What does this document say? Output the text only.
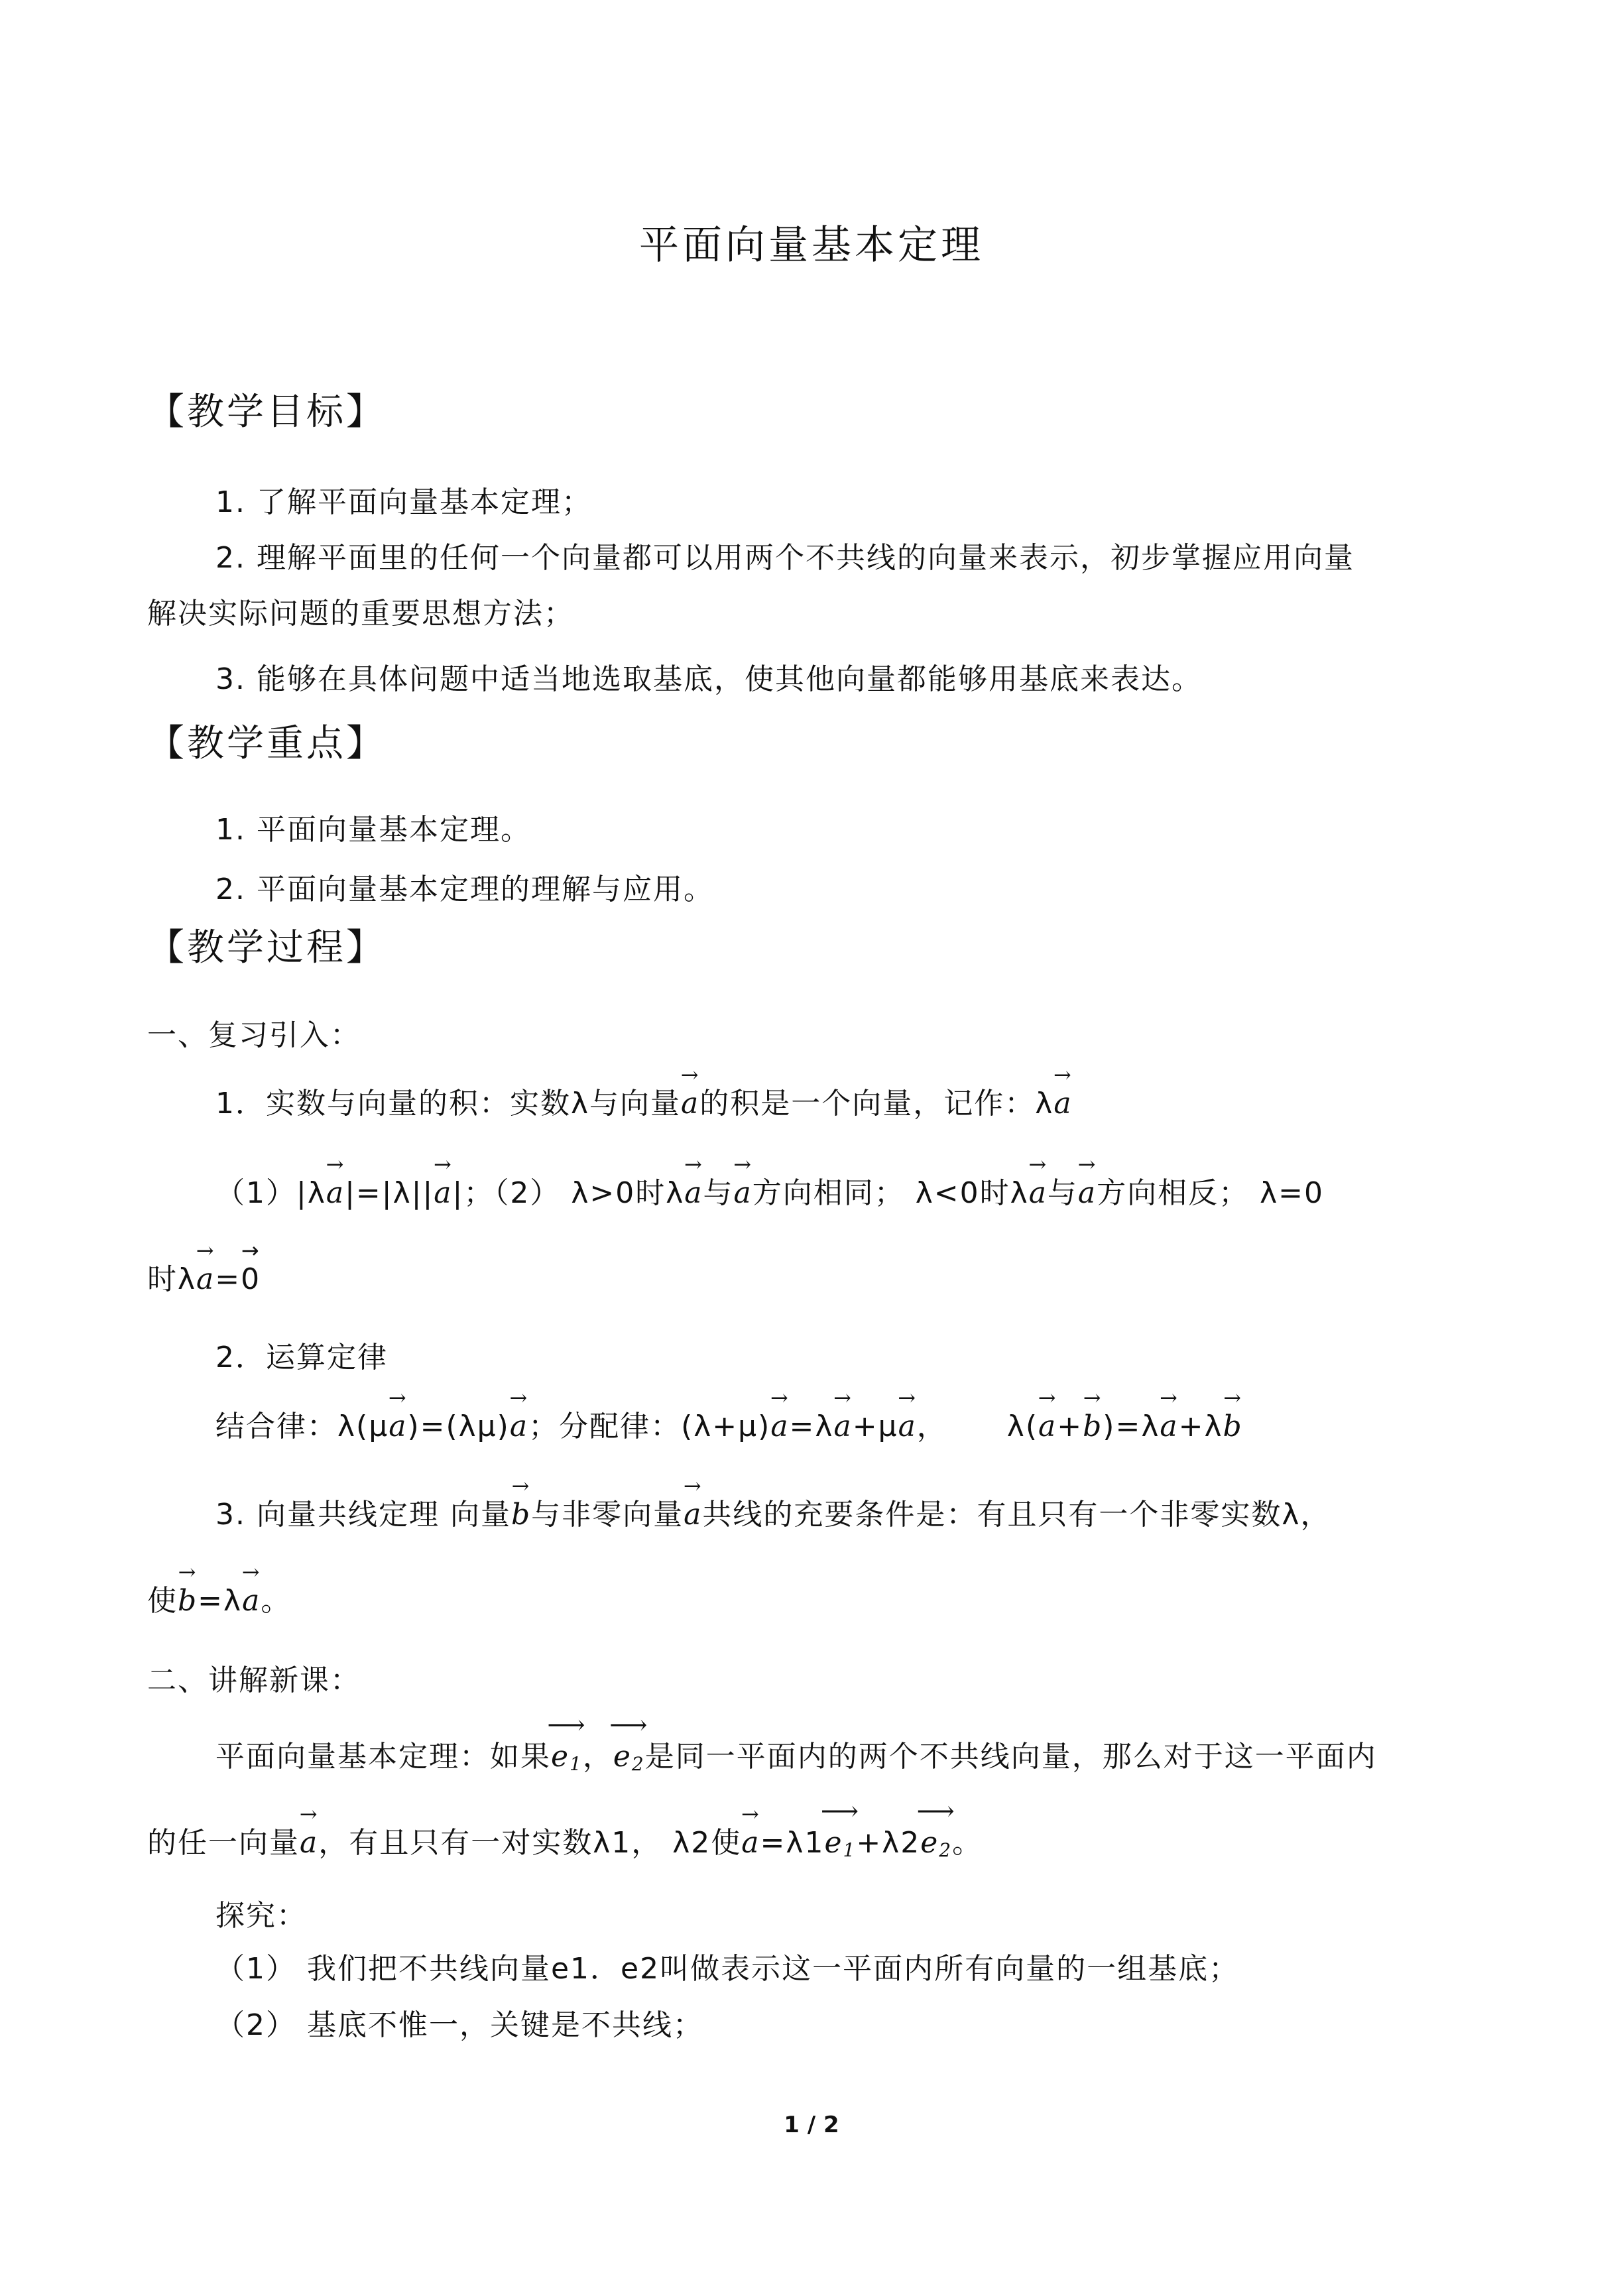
平面向量基本定理
【教学目标】
1. 了解平面向量基本定理；
2. 理解平面里的任何一个向量都可以用两个不共线的向量来表示，初步掌握应用向量
解决实际问题的重要思想方法；
3. 能够在具体问题中适当地选取基底，使其他向量都能够用基底来表达。
【教学重点】
1. 平面向量基本定理。
2. 平面向量基本定理的理解与应用。
【教学过程】
一、复习引入：
1．实数与向量的积：实数λ与向量→ a的积是一个向量，记作：λ→ a
（1）|λ→ a|=|λ||→ a|；（2） λ>0时λ→ a与→ a方向相同； λ<0时λ→ a与→ a方向相反； λ=0
时λ→ a=→ 0
2．运算定律
结合律：λ(μ→ a)=(λμ)→ a；分配律：(λ+μ)→ a=λ→ a+μ→ a， λ(→ a+→ b)=λ→ a+λ→ b
3. 向量共线定理 向量→ b与非零向量→ a共线的充要条件是：有且只有一个非零实数λ，
使→ b=λ→ a。
二、讲解新课：
平面向量基本定理：如果⟶ $e_1$，⟶ $e_2$是同一平面内的两个不共线向量，那么对于这一平面内
的任一向量→ a，有且只有一对实数λ1， λ2使→ a=λ1⟶ $e_1+\lambda 2⟶$ $e_2$。
探究：
（1） 我们把不共线向量e1．e2叫做表示这一平面内所有向量的一组基底；
（2） 基底不惟一，关键是不共线；
1 / 2
